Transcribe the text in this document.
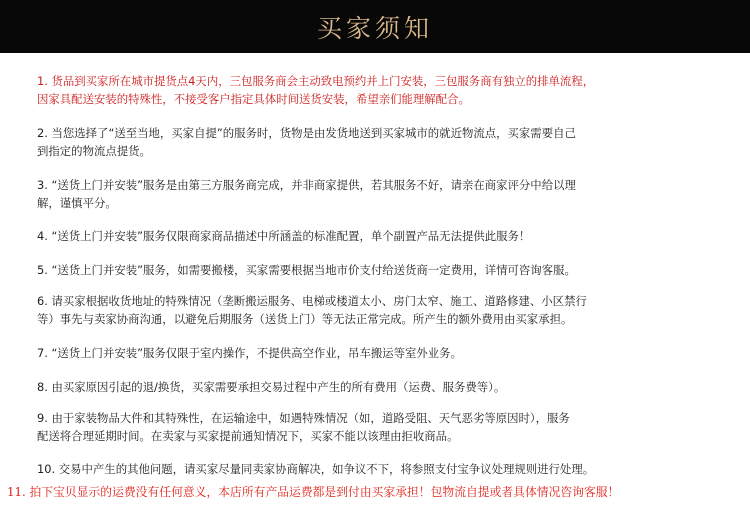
买家须知
1. 货品到买家所在城市提货点4天内，三包服务商会主动致电预约并上门安装，三包服务商有独立的排单流程，
因家具配送安装的特殊性，不接受客户指定具体时间送货安装，希望亲们能理解配合。
2. 当您选择了“送至当地，买家自提”的服务时，货物是由发货地送到买家城市的就近物流点，买家需要自己
到指定的物流点提货。
3. “送货上门并安装”服务是由第三方服务商完成，并非商家提供，若其服务不好，请亲在商家评分中给以理
解，谨慎平分。
4. “送货上门并安装”服务仅限商家商品描述中所涵盖的标准配置，单个副置产品无法提供此服务！
5. “送货上门并安装”服务，如需要搬楼，买家需要根据当地市价支付给送货商一定费用，详情可咨询客服。
6. 请买家根据收货地址的特殊情况（垄断搬运服务、电梯或楼道太小、房门太窄、施工、道路修建、小区禁行
等）事先与卖家协商沟通，以避免后期服务（送货上门）等无法正常完成。所产生的额外费用由买家承担。
7. “送货上门并安装”服务仅限于室内操作，不提供高空作业，吊车搬运等室外业务。
8. 由买家原因引起的退/换货，买家需要承担交易过程中产生的所有费用（运费、服务费等）。
9. 由于家装物品大件和其特殊性，在运输途中，如遇特殊情况（如，道路受阻、天气恶劣等原因时），服务
配送将合理延期时间。在卖家与买家提前通知情况下，买家不能以该理由拒收商品。
10. 交易中产生的其他问题，请买家尽量同卖家协商解决，如争议不下，将参照支付宝争议处理规则进行处理。
11. 拍下宝贝显示的运费没有任何意义，本店所有产品运费都是到付由买家承担！包物流自提或者具体情况咨询客服！
